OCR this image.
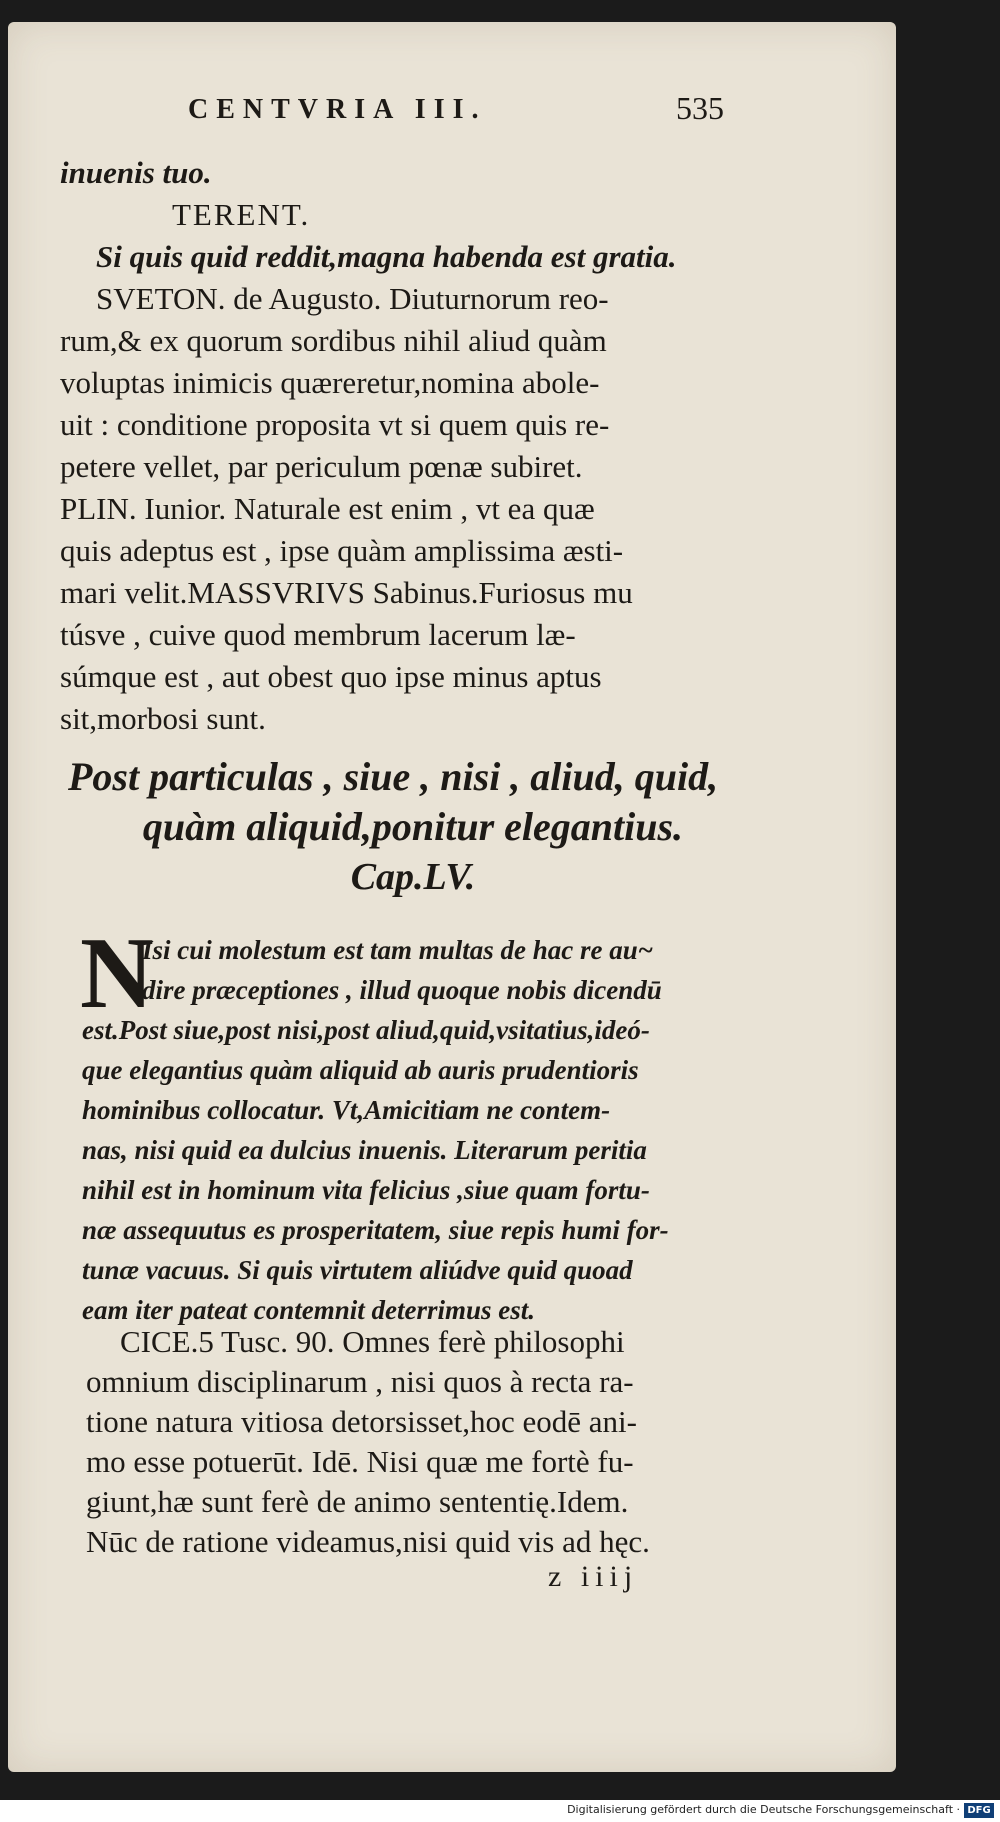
CENTVRIA III.	535
inuenis tuo.
TERENT.
Si quis quid reddit,magna habenda est gratia.
SVETON. de Augusto. Diuturnorum reo-
rum,& ex quorum sordibus nihil aliud quàm
voluptas inimicis quæreretur,nomina abole-
uit : conditione proposita vt si quem quis re-
petere vellet, par periculum pœnæ subiret.
PLIN. Iunior. Naturale est enim , vt ea quæ
quis adeptus est , ipse quàm amplissima æsti-
mari velit.MASSVRIVS Sabinus.Furiosus mu
túsve , cuive quod membrum lacerum læ-
súmque est , aut obest quo ipse minus aptus
sit,morbosi sunt.
Post particulas , siue , nisi , aliud, quid,
quàm aliquid,ponitur elegantius.
Cap.LV.
N
Isi cui molestum est tam multas de hac re au~
dire præceptiones , illud quoque nobis dicendū
est.Post siue,post nisi,post aliud,quid,vsitatius,ideó-
que elegantius quàm aliquid ab auris prudentioris
hominibus collocatur. Vt,Amicitiam ne contem-
nas, nisi quid ea dulcius inuenis. Literarum peritia
nihil est in hominum vita felicius ,siue quam fortu-
næ assequutus es prosperitatem, siue repis humi for-
tunæ vacuus. Si quis virtutem aliúdve quid quoad
eam iter pateat contemnit deterrimus est.
CICE.5 Tusc. 90. Omnes ferè philosophi
omnium disciplinarum , nisi quos à recta ra-
tione natura vitiosa detorsisset,hoc eodē ani-
mo esse potuerūt. Idē. Nisi quæ me fortè fu-
giunt,hæ sunt ferè de animo sententię.Idem.
Nūc de ratione videamus,nisi quid vis ad hęc.
z iiij
Digitalisierung gefördert durch die Deutsche Forschungsgemeinschaft · DFG
